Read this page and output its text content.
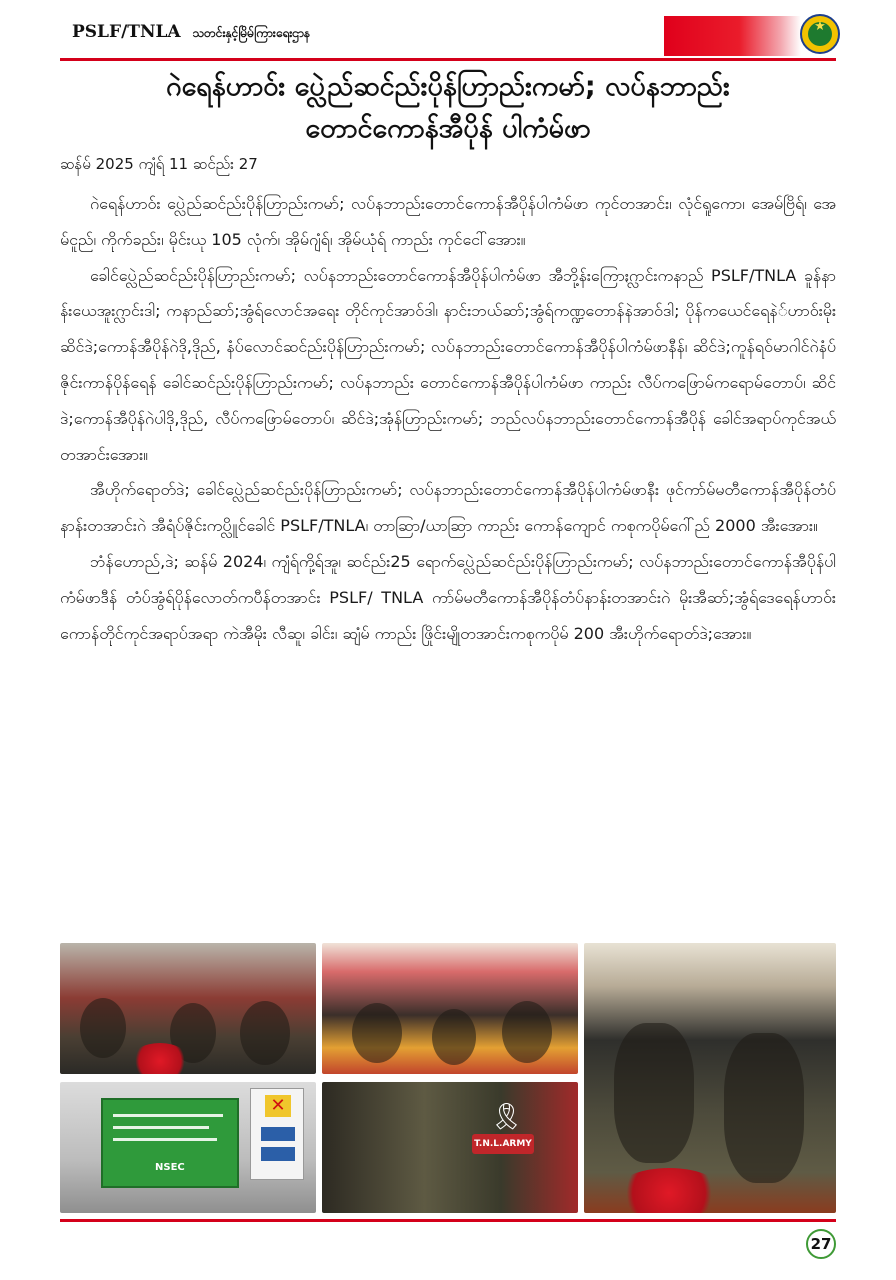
PSLF/TNLA သတင်းနှင့်မြိမ်ကြားရေးဌာန	★
ဂဲရေန်ဟာဝ်း ပ္လေဲည်ဆင်ည်းပိုန်ဟြာည်းကမာ်; လပ်နဘာည်း
တောင်ကောန်အီပိုန် ပါကံမ်ဖာ
ဆန်မ် 2025 ကျံရ် 11 ဆင်ည်း 27

ဂဲရေန်ဟာဝ်း ပ္လေဲည်ဆင်ည်းပိုန်ဟြာည်းကမာ်; လပ်နဘာည်းတောင်ကောန်အီပိုန်ပါကံမ်ဖာ ကုင်တအာင်း၊ လုံင်ရူကော၊ အေမ်ဗြိရ်၊ အေမ်ငူည်၊ ကိုက်ခည်း၊ မိုင်းယု 105 လုံက်၊ အိုမ်ဂျံရ်၊ အိုမ်ယုံရ် ကာည်း ကုင်ငေါ်အေား။

ခေါင်ပ္လေဲည်ဆင်ည်းပိုန်ဟြာည်းကမာ်; လပ်နဘာည်းတောင်ကောန်အီပိုန်ပါကံမ်ဖာ အီဘို့န်းကြောႏဂ္လာင်းကနာည် PSLF/TNLA ခူန်နာန်းယေအူးဂ္လာင်းဒါ; ကနာည်ဆာ်;အွံရ်လောင်အရေး တိုင်ကုင်အာဝ်ဒါ၊ နာင်းဘယ်ဆာ်;အွံရ်ကဏ္ဍတောန်နဲအာဝ်ဒါ; ပိုန်ကယေင်ရေနဲ်ဟာဝ်းမိုး ဆိင်ဒဲ;ကောန်အီပိုန်ဂဲဒို,ဒိုည်, နံပ်လောင်ဆင်ည်းပိုန်ဟြာည်းကမာ်; လပ်နဘာည်းတောင်ကောန်အီပိုန်ပါကံမ်ဖာနီန်၊ ဆိင်ဒဲ;ကူန်ရဝ်မာဂါင်ဂဲနံပ် ဇိုင်းကာန်ပိုန်ရေန် ခေါင်ဆင်ည်းပိုန်ဟြာည်းကမာ်; လပ်နဘာည်း တောင်ကောန်အီပိုန်ပါကံမ်ဖာ ကာည်း လီပ်ကဖြောမ်ကရောမ်တောပ်၊ ဆိင်ဒဲ;ကောန်အီပိုန်ဂဲပါဒို,ဒိုည်, လီပ်ကဖြောမ်တောပ်၊ ဆိင်ဒဲ;အုံန်ဟြာည်းကမာ်; ဘည်လပ်နဘာည်းတောင်ကောန်အီပိုန် ခေါင်အရာပ်ကုင်အယ်တအာင်းအေား။

အီဟိုက်ရောတ်ဒဲ; ခေါင်ပ္လေဲည်ဆင်ည်းပိုန်ဟြာည်းကမာ်; လပ်နဘာည်းတောင်ကောန်အီပိုန်ပါကံမ်ဖာနီး ဖုင်ကာ်မ်မတီကောန်အီပိုန်တံပ်နာန်းတအာင်းဂဲ အီရံပ်ဇိုင်းကပ္လိူင်ခေါင် PSLF/TNLA၊ တာဆြာ/ယာဆြာ ကာည်း ကောန်ကျောင် ကစုကပိုမ်ဂေါ်ည် 2000 အီးအေား။

ဘံန်ဟောည်,ဒဲ; ဆန်မ် 2024၊ ကျံရ်ကို့ရ်အူ၊ ဆင်ည်း25 ရောက်ပ္လေဲည်ဆင်ည်းပိုန်ဟြာည်းကမာ်; လပ်နဘာည်းတောင်ကောန်အီပိုန်ပါကံမ်ဖာဒီန် တံပ်အွံရ်ပိုန်လောတ်ကပီန်တအာင်း PSLF/ TNLA ကာ်မ်မတီကောန်အီပိုန်တံပ်နာန်းတအာင်းဂဲ မိုးအီဆာ်;အွံရ်ဒေရေန်ဟာဝ်း ကောန်တိုင်ကုင်အရာပ်အရာ ကဲအီမိုး လီဆူ၊ ခါင်း၊ ဆျံမ် ကာည်း ဖြိုင်းမျိုတအာင်းကစုကပိုမ် 200 အီးဟိုက်ရောတ်ဒဲ;အေား။

NSEC
✕	🎗
T.N.L.ARMY
27
